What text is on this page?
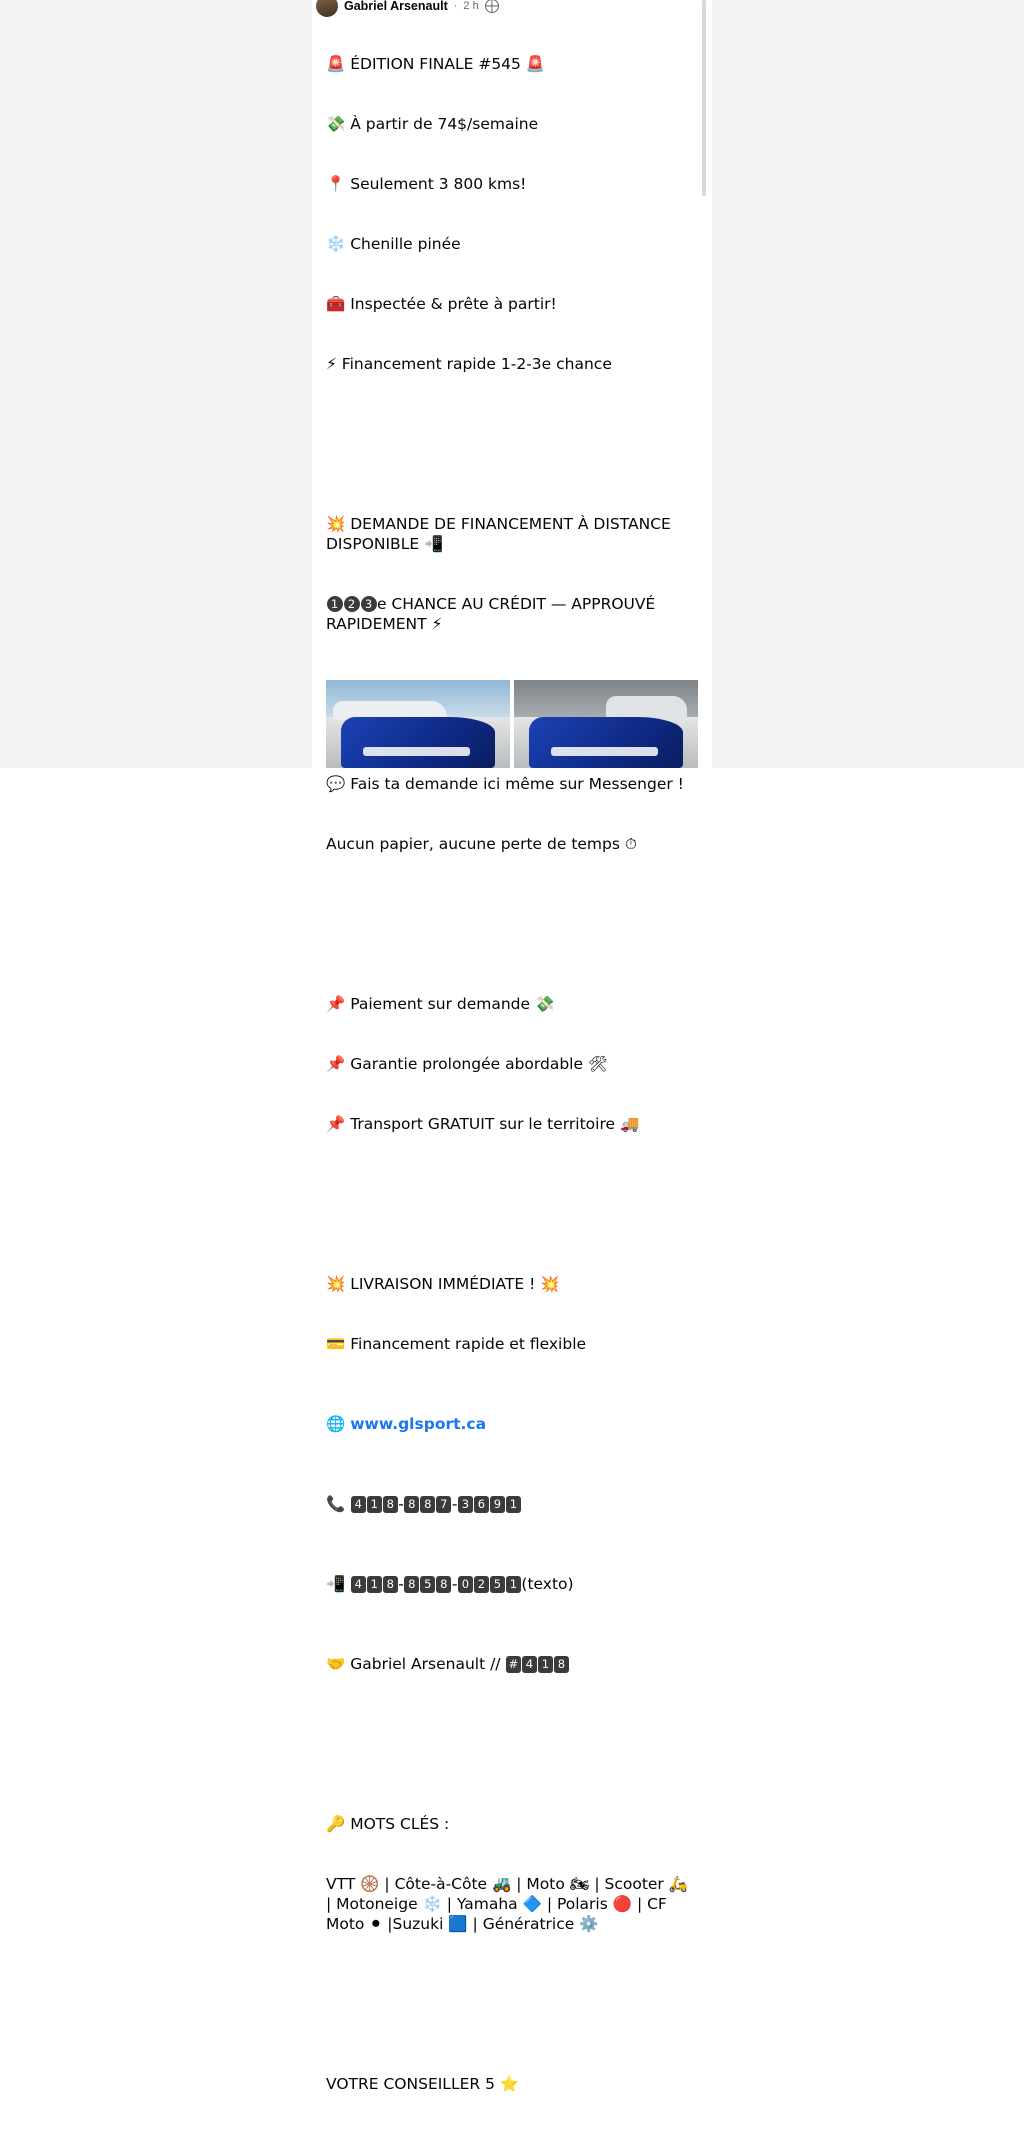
Gabriel Arsenault · 2 h

🚨 ÉDITION FINALE #545 🚨

💸 À partir de 74$/semaine

📍 Seulement 3 800 kms!

❄️ Chenille pinée

🧰 Inspectée & prête à partir!

⚡ Financement rapide 1-2-3e chance

💥 DEMANDE DE FINANCEMENT À DISTANCE DISPONIBLE 📲

1 2 3 e CHANCE AU CRÉDIT — APPROUVÉ RAPIDEMENT ⚡

💬 Fais ta demande ici même sur Messenger !

Aucun papier, aucune perte de temps ⏱

📌 Paiement sur demande 💸

📌 Garantie prolongée abordable 🛠

📌 Transport GRATUIT sur le territoire 🚚

💥 LIVRAISON IMMÉDIATE ! 💥

💳 Financement rapide et flexible

🌐 www.glsport.ca

📞 4 1 8 - 8 8 7 - 3 6 9 1

📲 4 1 8 - 8 5 8 - 0 2 5 1 (texto)

🤝 Gabriel Arsenault // # 4 1 8

🔑 MOTS CLÉS :

VTT 🛞 | Côte-à-Côte 🚜 | Moto 🏍 | Scooter 🛵 | Motoneige ❄️ | Yamaha 🔷 | Polaris 🔴 | CF Moto ⚫ |Suzuki 🟦 | Génératrice ⚙️

VOTRE CONSEILLER 5 ⭐
